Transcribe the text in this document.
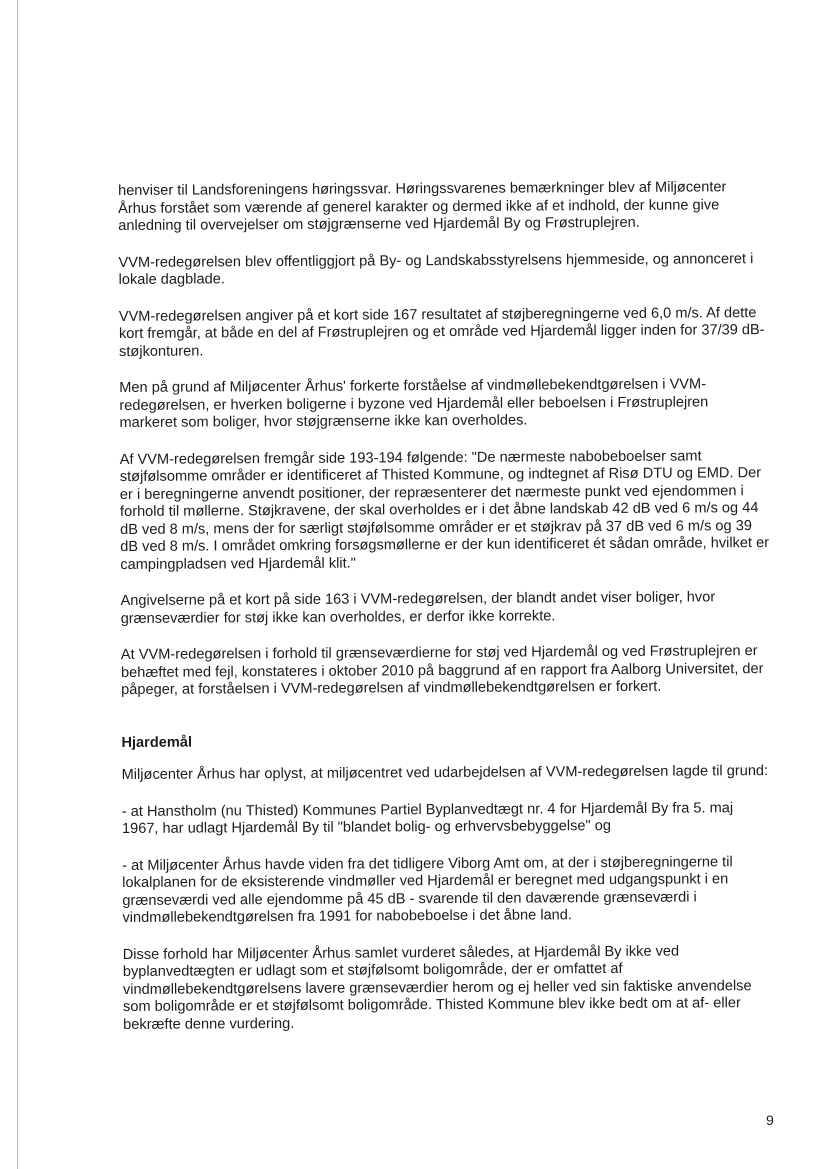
henviser til Landsforeningens høringssvar. Høringssvarenes bemærkninger blev af Miljøcenter Århus forstået som værende af generel karakter og dermed ikke af et indhold, der kunne give anledning til overvejelser om støjgrænserne ved Hjardemål By og Frøstruplejren.

VVM-redegørelsen blev offentliggjort på By- og Landskabsstyrelsens hjemmeside, og annonceret i lokale dagblade.

VVM-redegørelsen angiver på et kort side 167 resultatet af støjberegningerne ved 6,0 m/s. Af dette kort fremgår, at både en del af Frøstruplejren og et område ved Hjardemål ligger inden for 37/39 dB-støjkonturen.

Men på grund af Miljøcenter Århus' forkerte forståelse af vindmøllebekendtgørelsen i VVM-redegørelsen, er hverken boligerne i byzone ved Hjardemål eller beboelsen i Frøstruplejren markeret som boliger, hvor støjgrænserne ikke kan overholdes.

Af VVM-redegørelsen fremgår side 193-194 følgende: "De nærmeste nabobeboelser samt støjfølsomme områder er identificeret af Thisted Kommune, og indtegnet af Risø DTU og EMD. Der er i beregningerne anvendt positioner, der repræsenterer det nærmeste punkt ved ejendommen i forhold til møllerne. Støjkravene, der skal overholdes er i det åbne landskab 42 dB ved 6 m/s og 44 dB ved 8 m/s, mens der for særligt støjfølsomme områder er et støjkrav på 37 dB ved 6 m/s og 39 dB ved 8 m/s. I området omkring forsøgsmøllerne er der kun identificeret ét sådan område, hvilket er campingpladsen ved Hjardemål klit."

Angivelserne på et kort på side 163 i VVM-redegørelsen, der blandt andet viser boliger, hvor grænseværdier for støj ikke kan overholdes, er derfor ikke korrekte.

At VVM-redegørelsen i forhold til grænseværdierne for støj ved Hjardemål og ved Frøstruplejren er behæftet med fejl, konstateres i oktober 2010 på baggrund af en rapport fra Aalborg Universitet, der påpeger, at forståelsen i VVM-redegørelsen af vindmøllebekendtgørelsen er forkert.

Hjardemål

Miljøcenter Århus har oplyst, at miljøcentret ved udarbejdelsen af VVM-redegørelsen lagde til grund:

- at Hanstholm (nu Thisted) Kommunes Partiel Byplanvedtægt nr. 4 for Hjardemål By fra 5. maj 1967, har udlagt Hjardemål By til "blandet bolig- og erhvervsbebyggelse" og

- at Miljøcenter Århus havde viden fra det tidligere Viborg Amt om, at der i støjberegningerne til lokalplanen for de eksisterende vindmøller ved Hjardemål er beregnet med udgangspunkt i en grænseværdi ved alle ejendomme på 45 dB - svarende til den daværende grænseværdi i vindmøllebekendtgørelsen fra 1991 for nabobeboelse i det åbne land.

Disse forhold har Miljøcenter Århus samlet vurderet således, at Hjardemål By ikke ved byplanvedtægten er udlagt som et støjfølsomt boligområde, der er omfattet af vindmøllebekendtgørelsens lavere grænseværdier herom og ej heller ved sin faktiske anvendelse som boligområde er et støjfølsomt boligområde. Thisted Kommune blev ikke bedt om at af- eller bekræfte denne vurdering.

9
